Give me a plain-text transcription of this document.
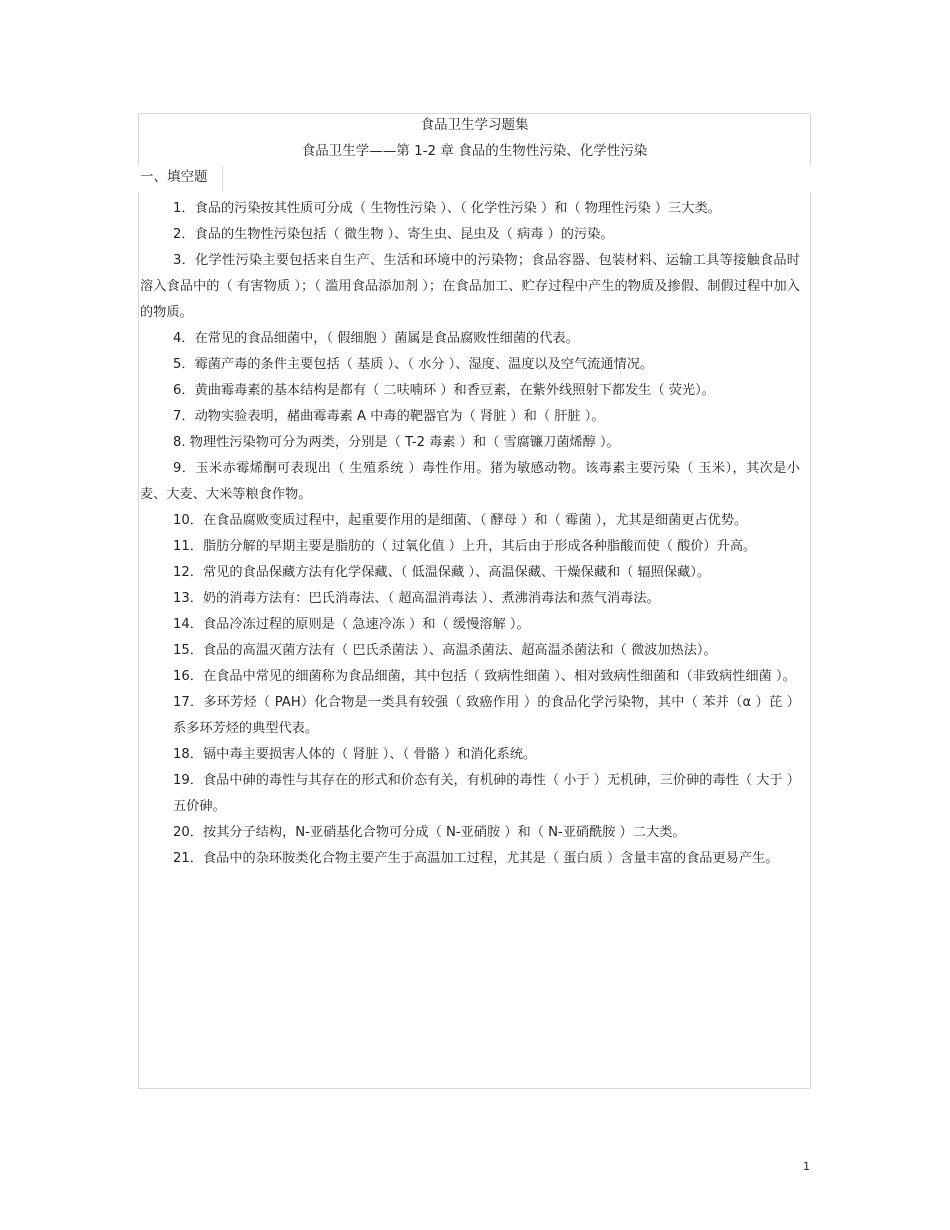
食品卫生学习题集
食品卫生学——第 1-2 章 食品的生物性污染、化学性污染
一、填空题

1．食品的污染按其性质可分成（ 生物性污染 ）、（ 化学性污染 ）和（ 物理性污染 ）三大类。

2．食品的生物性污染包括（ 微生物 ）、寄生虫、昆虫及（ 病毒 ）的污染。

3．化学性污染主要包括来自生产、生活和环境中的污染物；食品容器、包装材料、运输工具等接触食品时溶入食品中的（ 有害物质 ）；（ 滥用食品添加剂 ）；在食品加工、贮存过程中产生的物质及掺假、制假过程中加入的物质。

4．在常见的食品细菌中，（ 假细胞 ）菌属是食品腐败性细菌的代表。

5．霉菌产毒的条件主要包括（ 基质 ）、（ 水分 ）、湿度、温度以及空气流通情况。

6．黄曲霉毒素的基本结构是都有（ 二呋喃环 ）和香豆素，在紫外线照射下都发生（ 荧光）。

7．动物实验表明，赭曲霉毒素 A 中毒的靶器官为（ 肾脏 ）和（ 肝脏 ）。

8. 物理性污染物可分为两类，分别是（ T-2 毒素 ）和（ 雪腐镰刀菌烯醇 ）。

9．玉米赤霉烯酮可表现出（ 生殖系统 ）毒性作用。猪为敏感动物。该毒素主要污染（ 玉米），其次是小麦、大麦、大米等粮食作物。

10．在食品腐败变质过程中，起重要作用的是细菌、（ 酵母 ）和（ 霉菌 ），尤其是细菌更占优势。

11．脂肪分解的早期主要是脂肪的（ 过氧化值 ）上升，其后由于形成各种脂酸而使（ 酸价）升高。

12．常见的食品保藏方法有化学保藏、（ 低温保藏 ）、高温保藏、干燥保藏和（ 辐照保藏）。

13．奶的消毒方法有：巴氏消毒法、（ 超高温消毒法 ）、煮沸消毒法和蒸气消毒法。

14．食品冷冻过程的原则是（ 急速冷冻 ）和（ 缓慢溶解 ）。

15．食品的高温灭菌方法有（ 巴氏杀菌法 ）、高温杀菌法、超高温杀菌法和（ 微波加热法）。

16．在食品中常见的细菌称为食品细菌，其中包括（ 致病性细菌 ）、相对致病性细菌和（非致病性细菌 ）。

17．多环芳烃（ PAH）化合物是一类具有较强（ 致癌作用 ）的食品化学污染物，其中（ 苯并（α ）芘 ）系多环芳烃的典型代表。

18．镉中毒主要损害人体的（ 肾脏 ）、（ 骨骼 ）和消化系统。

19．食品中砷的毒性与其存在的形式和价态有关，有机砷的毒性（ 小于 ）无机砷，三价砷的毒性（ 大于 ）五价砷。

20．按其分子结构，N-亚硝基化合物可分成（ N-亚硝胺 ）和（ N-亚硝酰胺 ）二大类。

21．食品中的杂环胺类化合物主要产生于高温加工过程，尤其是（ 蛋白质 ）含量丰富的食品更易产生。

1
